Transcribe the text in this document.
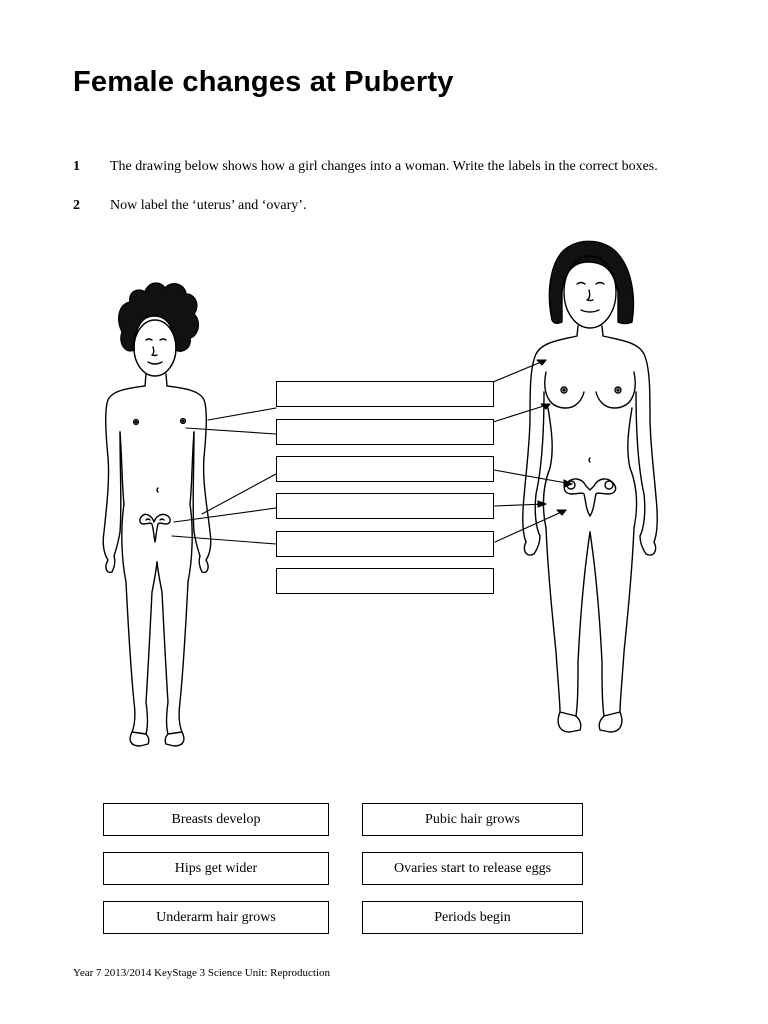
Female changes at Puberty
1 The drawing below shows how a girl changes into a woman. Write the labels in the correct boxes.
2 Now label the ‘uterus’ and ‘ovary’.
Breasts develop	Pubic hair grows
Hips get wider	Ovaries start to release eggs
Underarm hair grows	Periods begin
Year 7 2013/2014 KeyStage 3 Science Unit: Reproduction
